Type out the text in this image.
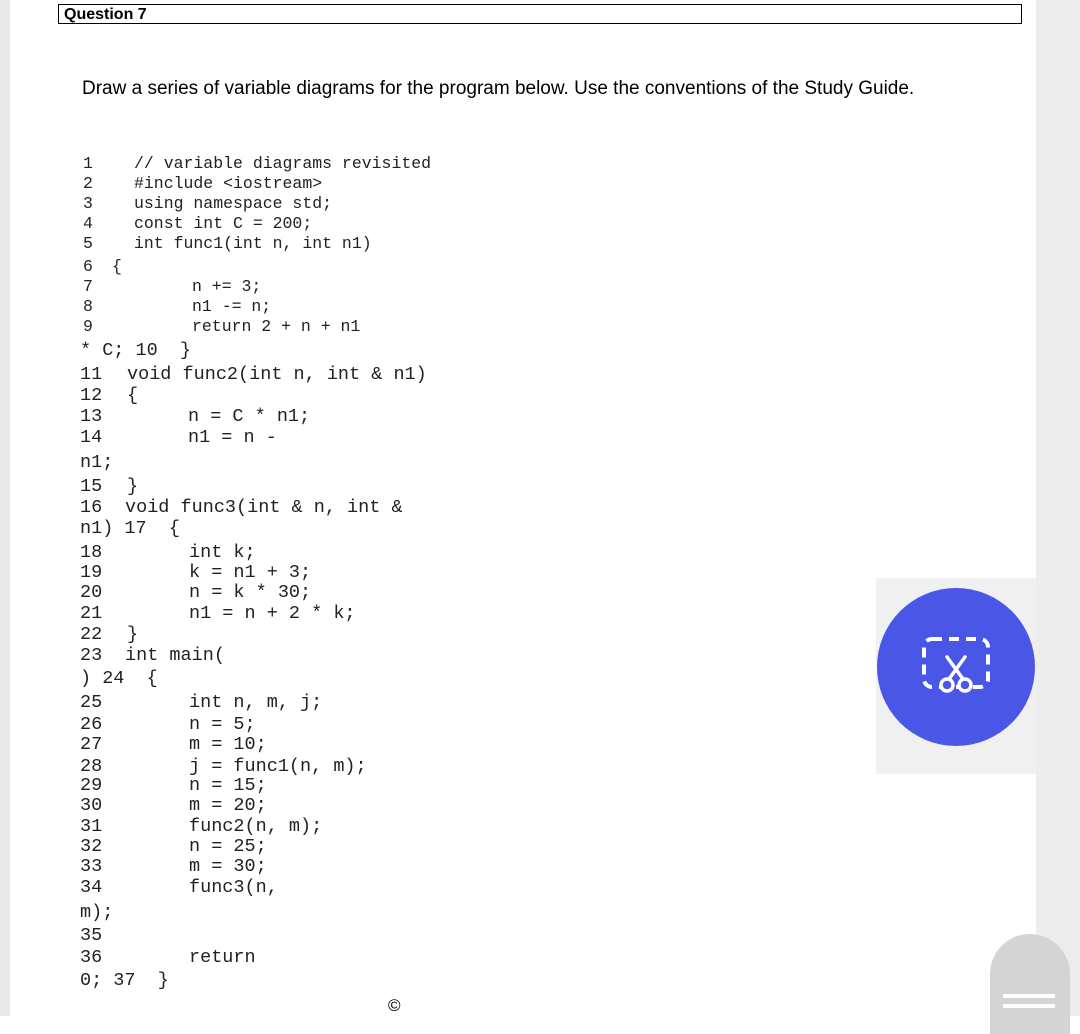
Question 7
Draw a series of variable diagrams for the program below. Use the conventions of the Study Guide.
1 // variable diagrams revisited
2 #include <iostream>
3 using namespace std;
4 const int C = 200;
5 int func1(int n, int n1)
6 {
7	n += 3;
8	n1 -= n;
9	return 2 + n + n1
* C; 10  }
11 void func2(int n, int & n1)
12 {
13	n = C * n1;
14	n1 = n -
n1;
15 }
16 void func3(int & n, int &
n1) 17  {
18	int k;
19	k = n1 + 3;
20	n = k * 30;
21	n1 = n + 2 * k;
22 }
23 int main(
) 24  {
25	int n, m, j;
26	n = 5;
27	m = 10;
28	j = func1(n, m);
29	n = 15;
30	m = 20;
31	func2(n, m);
32	n = 25;
33	m = 30;
34	func3(n,
m);
35
36	return
0; 37  }
©
